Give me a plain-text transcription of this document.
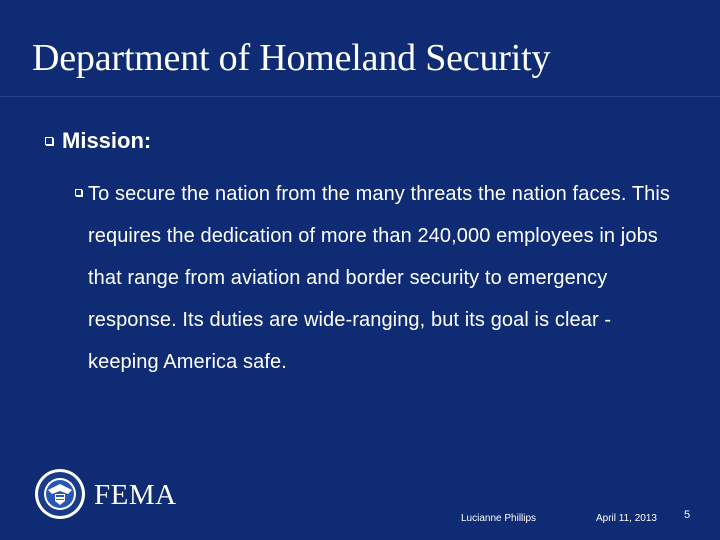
Department of Homeland Security
Mission:

To secure the nation from the many threats the nation faces. This requires the dedication of more than 240,000 employees in jobs that range from aviation and border security to emergency response. Its duties are wide-ranging, but its goal is clear - keeping America safe.

FEMA
Lucianne Phillips	April 11, 2013 5
